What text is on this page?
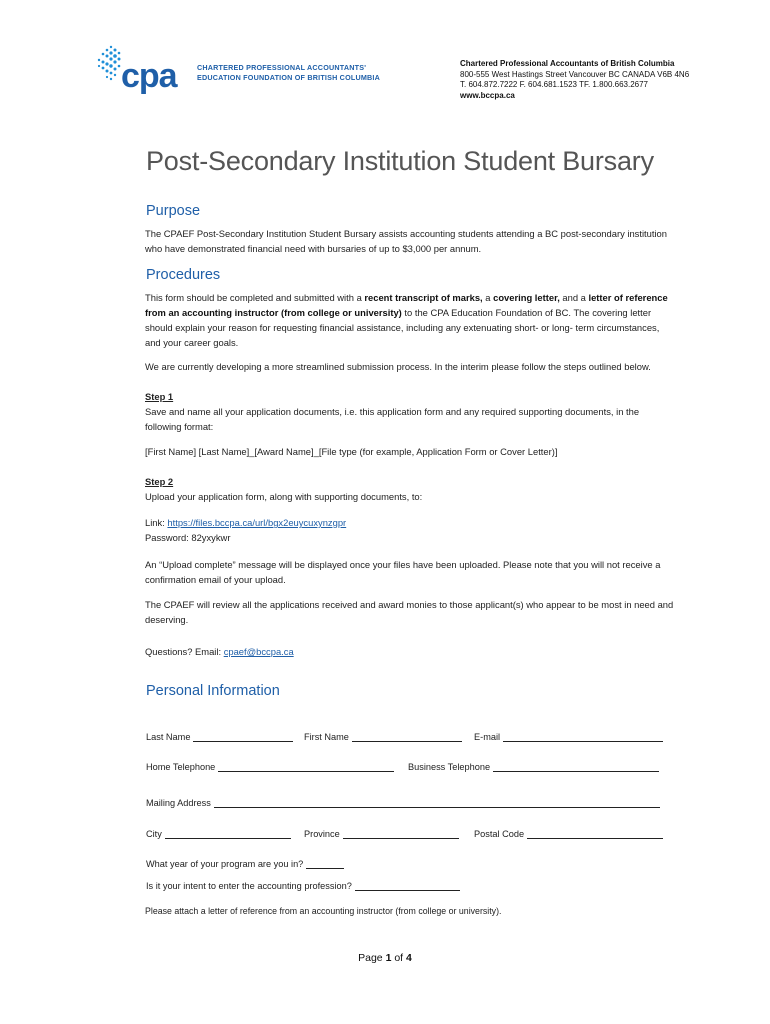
cpa	CHARTERED PROFESSIONAL ACCOUNTANTS'
EDUCATION FOUNDATION OF BRITISH COLUMBIA
Chartered Professional Accountants of British Columbia
800-555 West Hastings Street Vancouver BC CANADA V6B 4N6
T. 604.872.7222 F. 604.681.1523 TF. 1.800.663.2677
www.bccpa.ca
Post-Secondary Institution Student Bursary
Purpose

The CPAEF Post-Secondary Institution Student Bursary assists accounting students attending a BC post-secondary institution who have demonstrated financial need with bursaries of up to $3,000 per annum.

Procedures

This form should be completed and submitted with a recent transcript of marks, a covering letter, and a letter of reference from an accounting instructor (from college or university) to the CPA Education Foundation of BC. The covering letter should explain your reason for requesting financial assistance, including any extenuating short- or long- term circumstances, and your career goals.

We are currently developing a more streamlined submission process. In the interim please follow the steps outlined below.

Step 1
Save and name all your application documents, i.e. this application form and any required supporting documents, in the following format:

[First Name] [Last Name]_[Award Name]_[File type (for example, Application Form or Cover Letter)]

Step 2
Upload your application form, along with supporting documents, to:
Link: https://files.bccpa.ca/url/bgx2euycuxynzgpr
Password: 82yxykwr

An “Upload complete” message will be displayed once your files have been uploaded. Please note that you will not receive a confirmation email of your upload.

The CPAEF will review all the applications received and award monies to those applicant(s) who appear to be most in need and deserving.

Questions? Email: cpaef@bccpa.ca

Personal Information
Last Name	First Name	E-mail
Home Telephone	Business Telephone
Mailing Address
City	Province	Postal Code
What year of your program are you in?
Is it your intent to enter the accounting profession?

Please attach a letter of reference from an accounting instructor (from college or university).

Page 1 of 4
